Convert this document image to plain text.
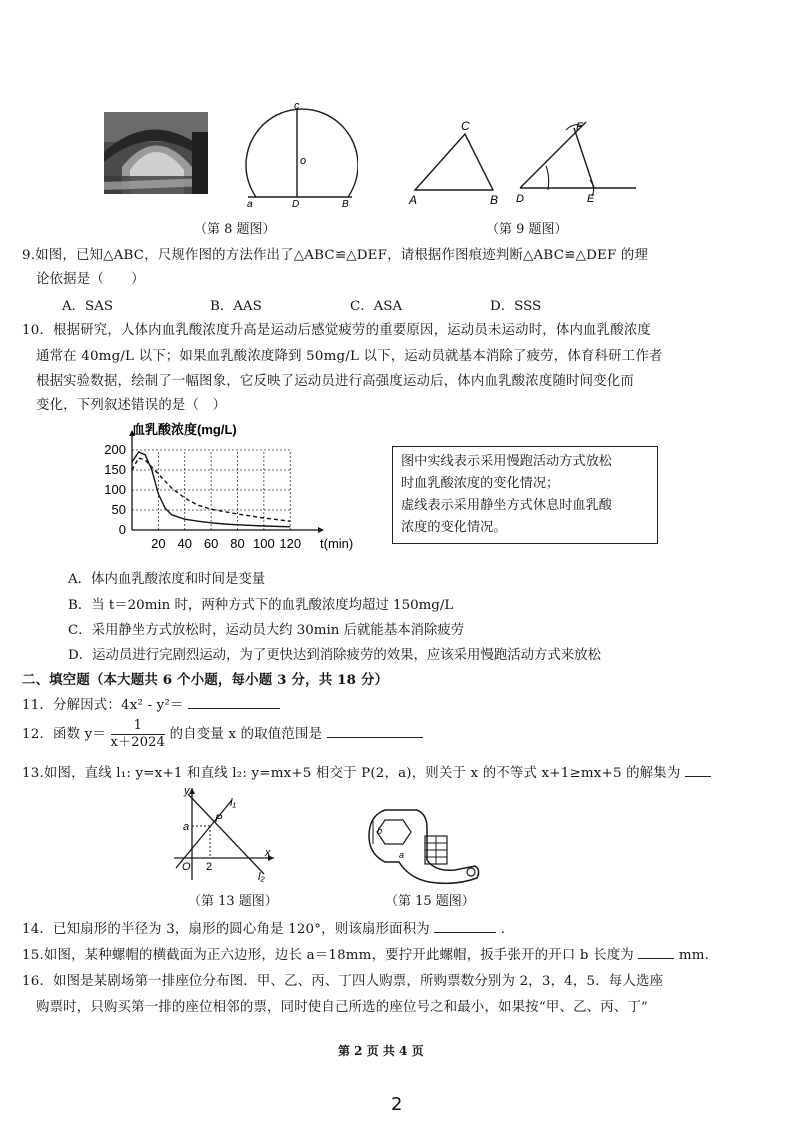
c
o
a	D	B
C
A	B
F
D	E
（第 8 题图）	（第 9 题图）
9.如图，已知△ABC，尺规作图的方法作出了△ABC≌△DEF，请根据作图痕迹判断△ABC≌△DEF 的理
论依据是（　　）
A．SAS	B．AAS	C．ASA	D．SSS
10．根据研究，人体内血乳酸浓度升高是运动后感觉疲劳的重要原因，运动员未运动时，体内血乳酸浓度
通常在 40mg/L 以下；如果血乳酸浓度降到 50mg/L 以下，运动员就基本消除了疲劳，体育科研工作者
根据实验数据，绘制了一幅图象，它反映了运动员进行高强度运动后，体内血乳酸浓度随时间变化而
变化，下列叙述错误的是（　）
20 40 60 80 100 120
0
50
100
150
200
血乳酸浓度(mg/L)
t(min)
图中实线表示采用慢跑活动方式放松
时血乳酸浓度的变化情况；
虚线表示采用静坐方式休息时血乳酸
浓度的变化情况。
A．体内血乳酸浓度和时间是变量
B．当 t＝20min 时，两种方式下的血乳酸浓度均超过 150mg/L
C．采用静坐方式放松时，运动员大约 30min 后就能基本消除疲劳
D．运动员进行完剧烈运动，为了更快达到消除疲劳的效果，应该采用慢跑活动方式来放松
二、填空题（本大题共 6 个小题，每小题 3 分，共 18 分）
11．分解因式：4x² - y²＝
12．函数 $y= \frac{1}{x+2024}$ 的自变量 x 的取值范围是
13.如图，直线 l₁: y=x+1 和直线 l₂: y=mx+5 相交于 P(2，a)，则关于 x 的不等式 x+1≥mx+5 的解集为
y
x
O 2
a
P
l₁
l₂
b
a
（第 13 题图）	（第 15 题图）
14．已知扇形的半径为 3，扇形的圆心角是 120°，则该扇形面积为	．
15.如图，某种螺帽的横截面为正六边形，边长 a＝18mm，要拧开此螺帽，扳手张开的开口 b 长度为	mm.
16．如图是某剧场第一排座位分布图．甲、乙、丙、丁四人购票，所购票数分别为 2，3，4，5．每人选座
购票时，只购买第一排的座位相邻的票，同时使自己所选的座位号之和最小，如果按“甲、乙、丙、丁”
第 2 页 共 4 页
2
